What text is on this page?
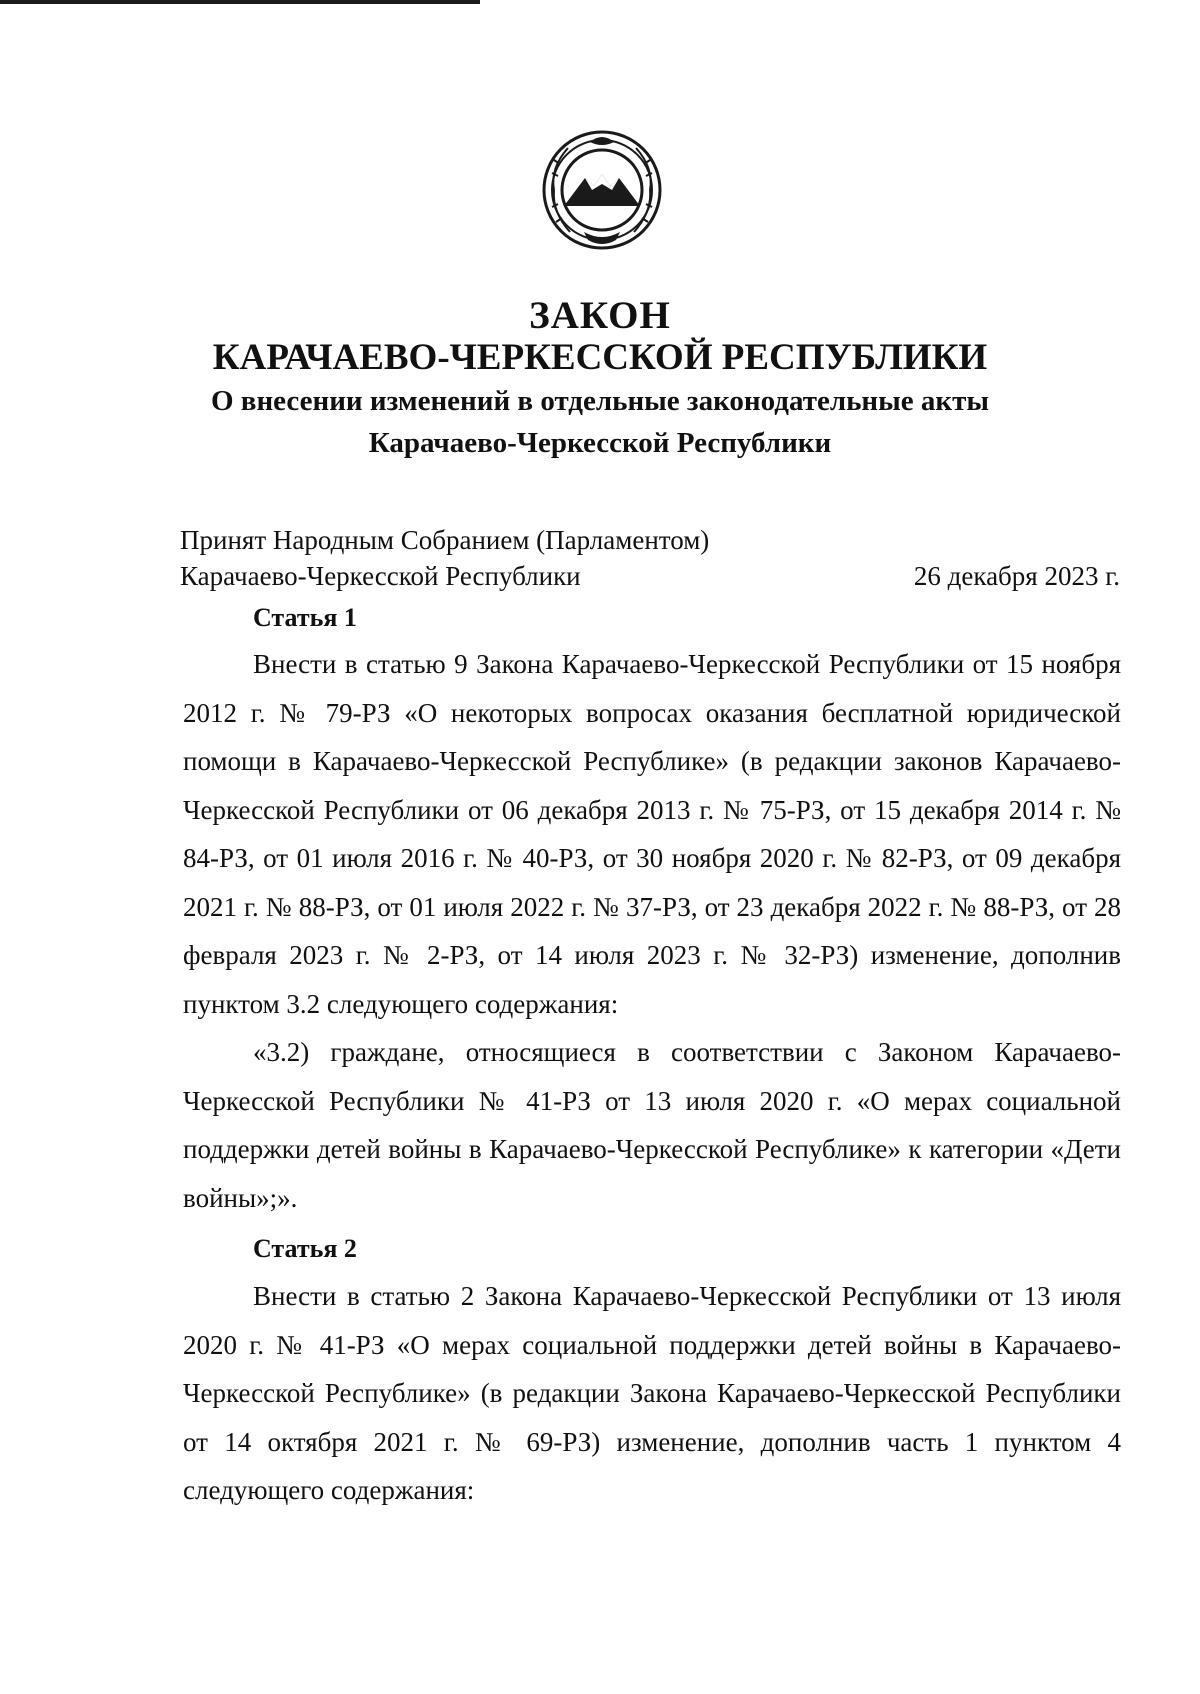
ЗАКОН
КАРАЧАЕВО-ЧЕРКЕССКОЙ РЕСПУБЛИКИ
О внесении изменений в отдельные законодательные акты
Карачаево-Черкесской Республики
Принят Народным Собранием (Парламентом)
Карачаево-Черкесской Республики	26 декабря 2023 г.
Статья 1

Внести в статью 9 Закона Карачаево-Черкесской Республики от 15 ноября 2012 г. № 79-РЗ «О некоторых вопросах оказания бесплатной юридической помощи в Карачаево-Черкесской Республике» (в редакции законов Карачаево-Черкесской Республики от 06 декабря 2013 г. № 75-РЗ, от 15 декабря 2014 г. № 84-РЗ, от 01 июля 2016 г. № 40-РЗ, от 30 ноября 2020 г. № 82-РЗ, от 09 декабря 2021 г. № 88-РЗ, от 01 июля 2022 г. № 37-РЗ, от 23 декабря 2022 г. № 88-РЗ, от 28 февраля 2023 г. № 2-РЗ, от 14 июля 2023 г. № 32-РЗ) изменение, дополнив пунктом 3.2 следующего содержания:

«3.2) граждане, относящиеся в соответствии с Законом Карачаево-Черкесской Республики № 41-РЗ от 13 июля 2020 г. «О мерах социальной поддержки детей войны в Карачаево-Черкесской Республике» к категории «Дети войны»;».

Статья 2

Внести в статью 2 Закона Карачаево-Черкесской Республики от 13 июля 2020 г. № 41-РЗ «О мерах социальной поддержки детей войны в Карачаево-Черкесской Республике» (в редакции Закона Карачаево-Черкесской Республики от 14 октября 2021 г. № 69-РЗ) изменение, дополнив часть 1 пунктом 4 следующего содержания:
